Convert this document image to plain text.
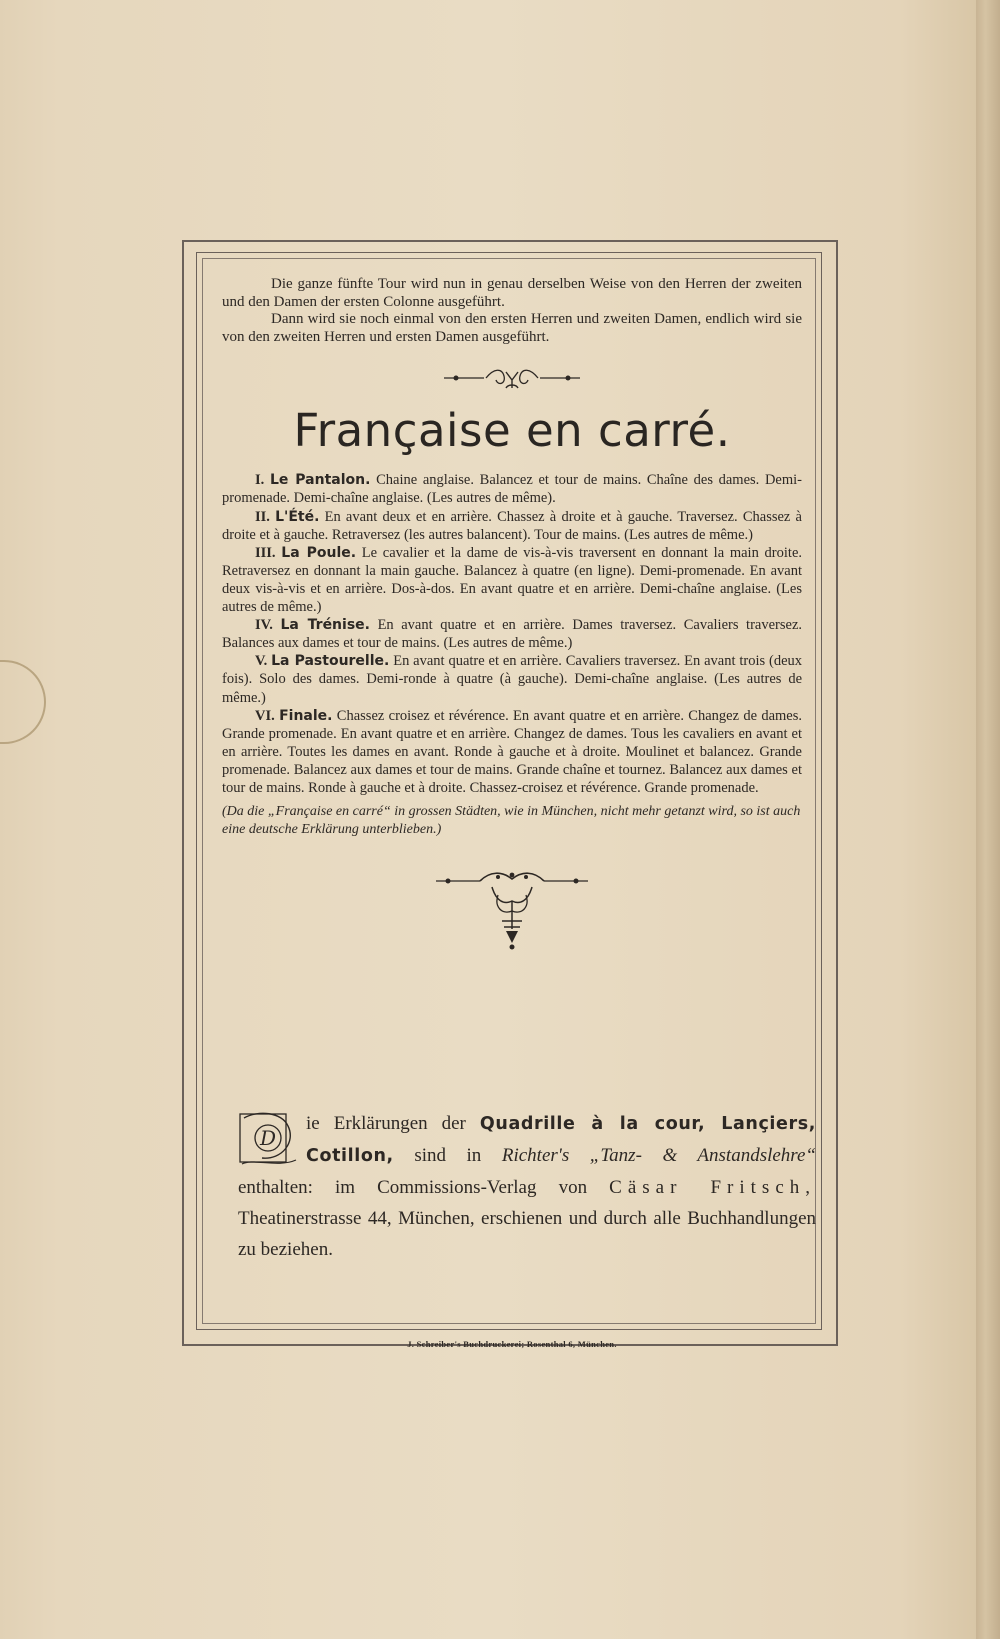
Die ganze fünfte Tour wird nun in genau derselben Weise von den Herren der zweiten und den Damen der ersten Colonne ausgeführt.

Dann wird sie noch einmal von den ersten Herren und zweiten Damen, endlich wird sie von den zweiten Herren und ersten Damen ausgeführt.

Française en carré.

I. Le Pantalon. Chaine anglaise. Balancez et tour de mains. Chaîne des dames. Demi-promenade. Demi-chaîne anglaise. (Les autres de même).

II. L'Été. En avant deux et en arrière. Chassez à droite et à gauche. Traversez. Chassez à droite et à gauche. Retraversez (les autres balancent). Tour de mains. (Les autres de même.)

III. La Poule. Le cavalier et la dame de vis-à-vis traversent en donnant la main droite. Retraversez en donnant la main gauche. Balancez à quatre (en ligne). Demi-promenade. En avant deux vis-à-vis et en arrière. Dos-à-dos. En avant quatre et en arrière. Demi-chaîne anglaise. (Les autres de même.)

IV. La Trénise. En avant quatre et en arrière. Dames traversez. Cavaliers traversez. Balances aux dames et tour de mains. (Les autres de même.)

V. La Pastourelle. En avant quatre et en arrière. Cavaliers traversez. En avant trois (deux fois). Solo des dames. Demi-ronde à quatre (à gauche). Demi-chaîne anglaise. (Les autres de même.)

VI. Finale. Chassez croisez et révérence. En avant quatre et en arrière. Changez de dames. Grande promenade. En avant quatre et en arrière. Changez de dames. Tous les cavaliers en avant et en arrière. Toutes les dames en avant. Ronde à gauche et à droite. Moulinet et balancez. Grande promenade. Balancez aux dames et tour de mains. Grande chaîne et tournez. Balancez aux dames et tour de mains. Ronde à gauche et à droite. Chassez-croisez et révérence. Grande promenade.

(Da die „Française en carré“ in grossen Städten, wie in München, nicht mehr getanzt wird, so ist auch eine deutsche Erklärung unterblieben.)

D
ie Erklärungen der Quadrille à la cour, Lançiers,
Cotillon, sind in Richter's „Tanz- & Anstandslehre“
enthalten: im Commissions-Verlag von Cäsar Fritsch,
Theatinerstrasse 44, München, erschienen und durch alle Buchhandlungen zu beziehen.
J. Schreiber's Buchdruckerei; Rosenthal 6, München.
